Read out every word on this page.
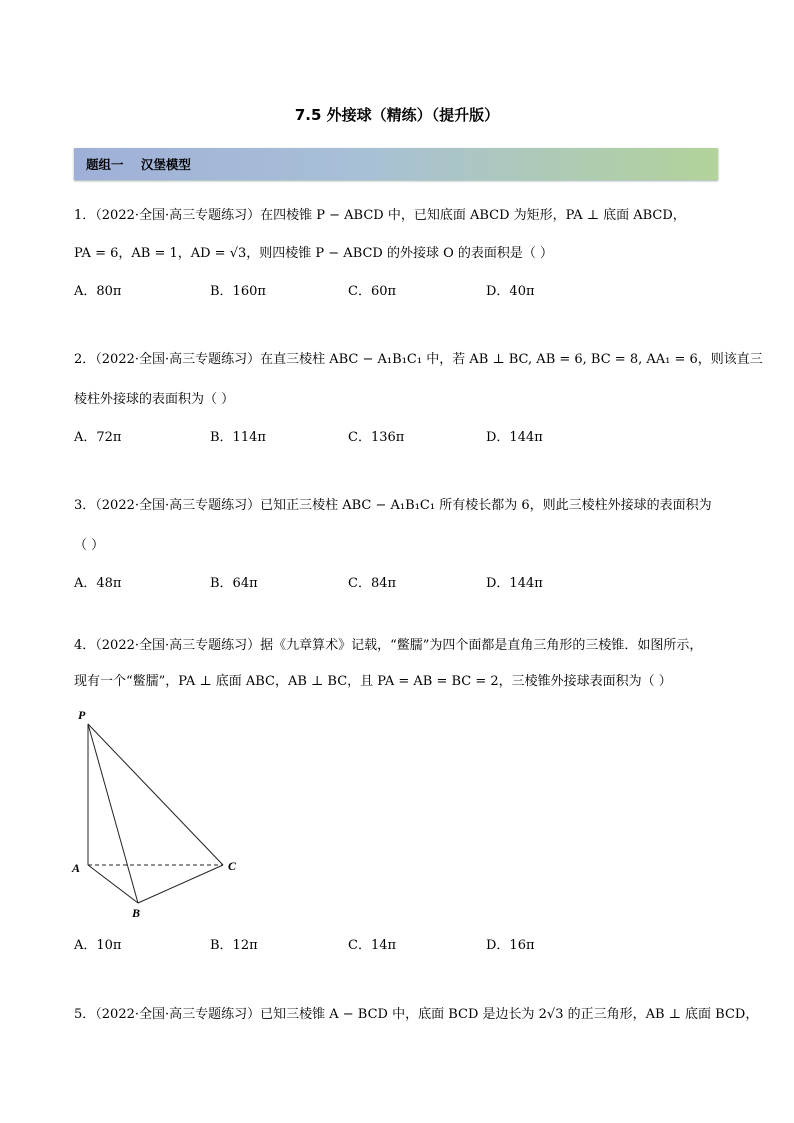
7.5 外接球（精练）（提升版）
题组一    汉堡模型
1．（2022·全国·高三专题练习）在四棱锥 P − ABCD 中，已知底面 ABCD 为矩形，PA ⊥ 底面 ABCD，
PA = 6，AB = 1，AD = √3，则四棱锥 P − ABCD 的外接球 O 的表面积是（ ）
A．80π	B．160π	C．60π	D．40π
2．（2022·全国·高三专题练习）在直三棱柱 ABC − A₁B₁C₁ 中，若 AB ⊥ BC, AB = 6, BC = 8, AA₁ = 6，则该直三
棱柱外接球的表面积为（ ）
A．72π	B．114π	C．136π	D．144π
3．（2022·全国·高三专题练习）已知正三棱柱 ABC − A₁B₁C₁ 所有棱长都为 6，则此三棱柱外接球的表面积为
（ ）
A．48π	B．64π	C．84π	D．144π
4．（2022·全国·高三专题练习）据《九章算术》记载，“鳖臑”为四个面都是直角三角形的三棱锥．如图所示，
现有一个“鳖臑”，PA ⊥ 底面 ABC，AB ⊥ BC，且 PA = AB = BC = 2，三棱锥外接球表面积为（ ）
P
A
B
C
A．10π	B．12π	C．14π	D．16π
5．（2022·全国·高三专题练习）已知三棱锥 A − BCD 中，底面 BCD 是边长为 2√3 的正三角形，AB ⊥ 底面 BCD，
